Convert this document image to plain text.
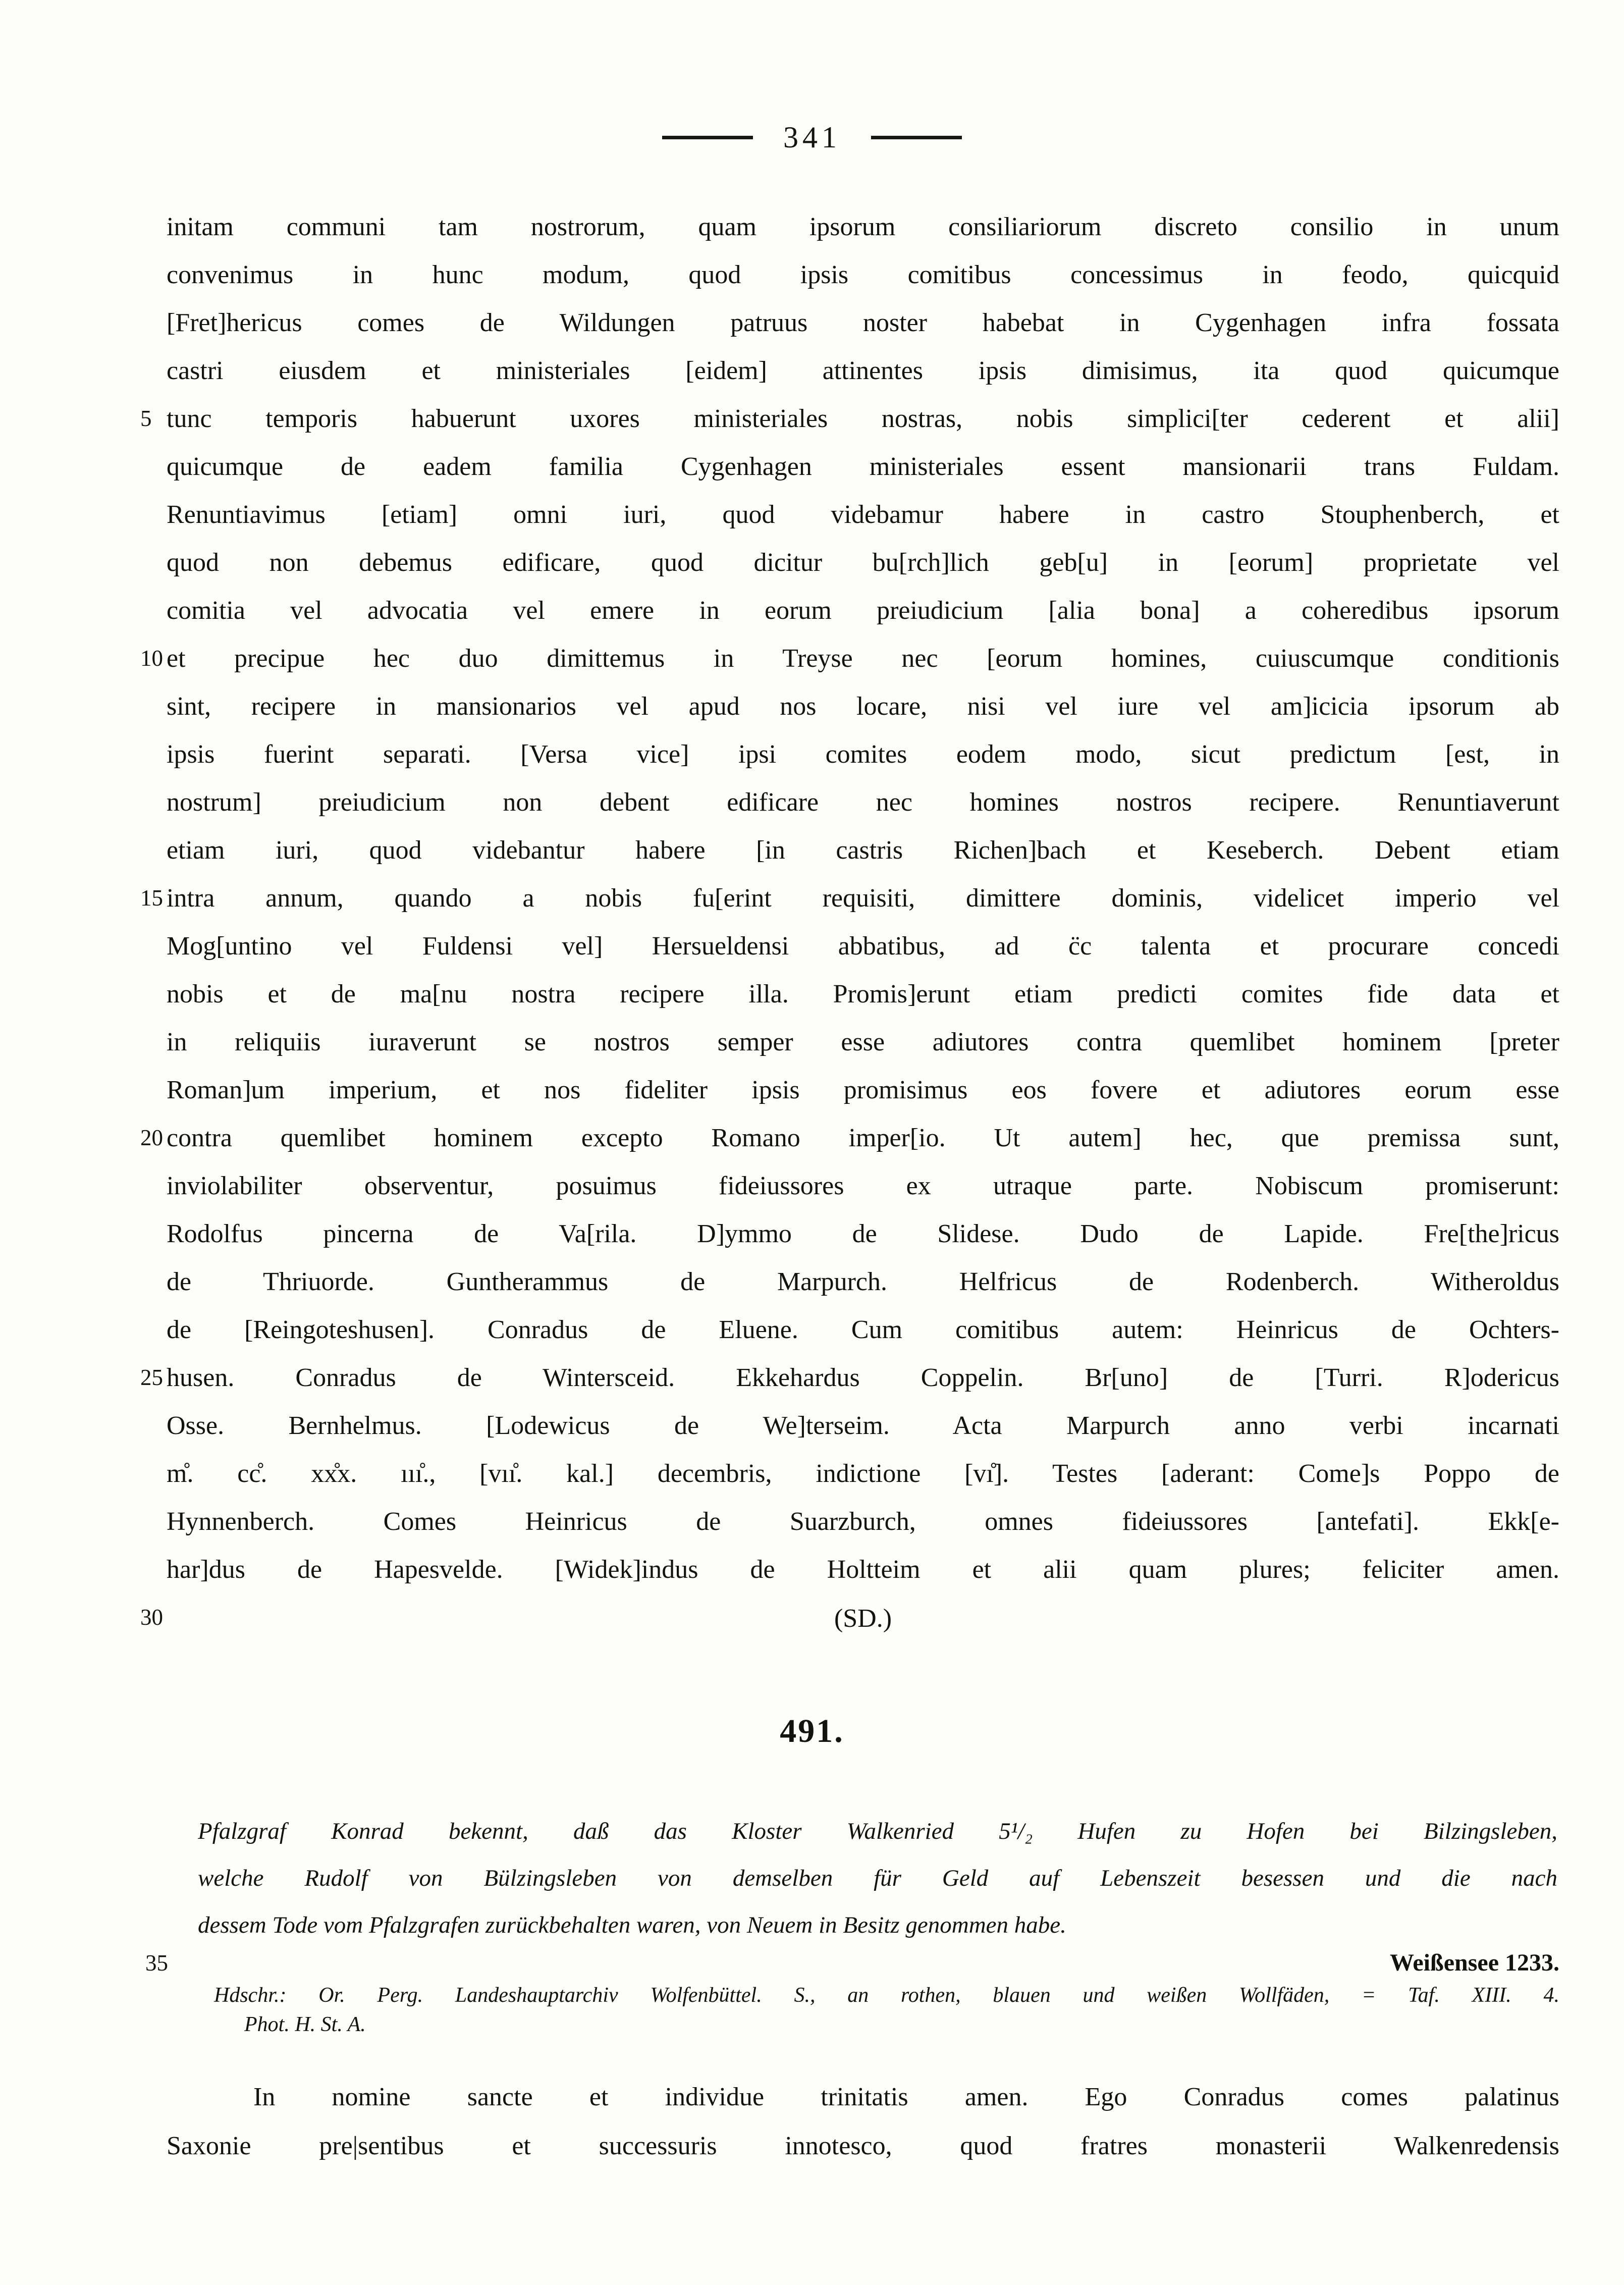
341
initam communi tam nostrorum, quam ipsorum consiliariorum discreto consilio in unum
convenimus in hunc modum, quod ipsis comitibus concessimus in feodo, quicquid
[Fret]hericus comes de Wildungen patruus noster habebat in Cygenhagen infra fossata
castri eiusdem et ministeriales [eidem] attinentes ipsis dimisimus, ita quod quicumque
5 tunc temporis habuerunt uxores ministeriales nostras, nobis simplici[ter cederent et alii]
quicumque de eadem familia Cygenhagen ministeriales essent mansionarii trans Fuldam.
Renuntiavimus [etiam] omni iuri, quod videbamur habere in castro Stouphenberch, et
quod non debemus edificare, quod dicitur bu[rch]lich geb[u] in [eorum] proprietate vel
comitia vel advocatia vel emere in eorum preiudicium [alia bona] a coheredibus ipsorum
10 et precipue hec duo dimittemus in Treyse nec [eorum homines, cuiuscumque conditionis
sint, recipere in mansionarios vel apud nos locare, nisi vel iure vel am]icicia ipsorum ab
ipsis fuerint separati. [Versa vice] ipsi comites eodem modo, sicut predictum [est, in
nostrum] preiudicium non debent edificare nec homines nostros recipere. Renuntiaverunt
etiam iuri, quod videbantur habere [in castris Richen]bach et Keseberch. Debent etiam
15 intra annum, quando a nobis fu[erint requisiti, dimittere dominis, videlicet imperio vel
Mog[untino vel Fuldensi vel] Hersueldensi abbatibus, ad c̈c talenta et procurare concedi
nobis et de ma[nu nostra recipere illa. Promis]erunt etiam predicti comites fide data et
in reliquiis iuraverunt se nostros semper esse adiutores contra quemlibet hominem [preter
Roman]um imperium, et nos fideliter ipsis promisimus eos fovere et adiutores eorum esse
20 contra quemlibet hominem excepto Romano imper[io. Ut autem] hec, que premissa sunt,
inviolabiliter observentur, posuimus fideiussores ex utraque parte. Nobiscum promiserunt:
Rodolfus pincerna de Va[rila. D]ymmo de Slidese. Dudo de Lapide. Fre[the]ricus
de Thriuorde. Guntherammus de Marpurch. Helfricus de Rodenberch. Witheroldus
de [Reingoteshusen]. Conradus de Eluene. Cum comitibus autem: Heinricus de Ochters-
25 husen. Conradus de Wintersceid. Ekkehardus Coppelin. Br[uno] de [Turri. R]odericus
Osse. Bernhelmus. [Lodewicus de We]terseim. Acta Marpurch anno verbi incarnati
m̊. cc̊. xx̊x. ııı̊., [vıı̊. kal.] decembris, indictione [vı̊]. Testes [aderant: Come]s Poppo de
Hynnenberch. Comes Heinricus de Suarzburch, omnes fideiussores [antefati]. Ekk[e-
har]dus de Hapesvelde. [Widek]indus de Holtteim et alii quam plures; feliciter amen.
30	(SD.)
491.
Pfalzgraf Konrad bekennt, daß das Kloster Walkenried 5¹/₂ Hufen zu Hofen bei Bilzingsleben,
welche Rudolf von Bülzingsleben von demselben für Geld auf Lebenszeit besessen und die nach
dessem Tode vom Pfalzgrafen zurückbehalten waren, von Neuem in Besitz genommen habe.
35	Weißensee 1233.
Hdschr.: Or. Perg. Landeshauptarchiv Wolfenbüttel. S., an rothen, blauen und weißen Wollfäden, = Taf. XIII. 4.
Phot. H. St. A.
In nomine sancte et individue trinitatis amen. Ego Conradus comes palatinus
Saxonie pre|sentibus et successuris innotesco, quod fratres monasterii Walkenredensis
